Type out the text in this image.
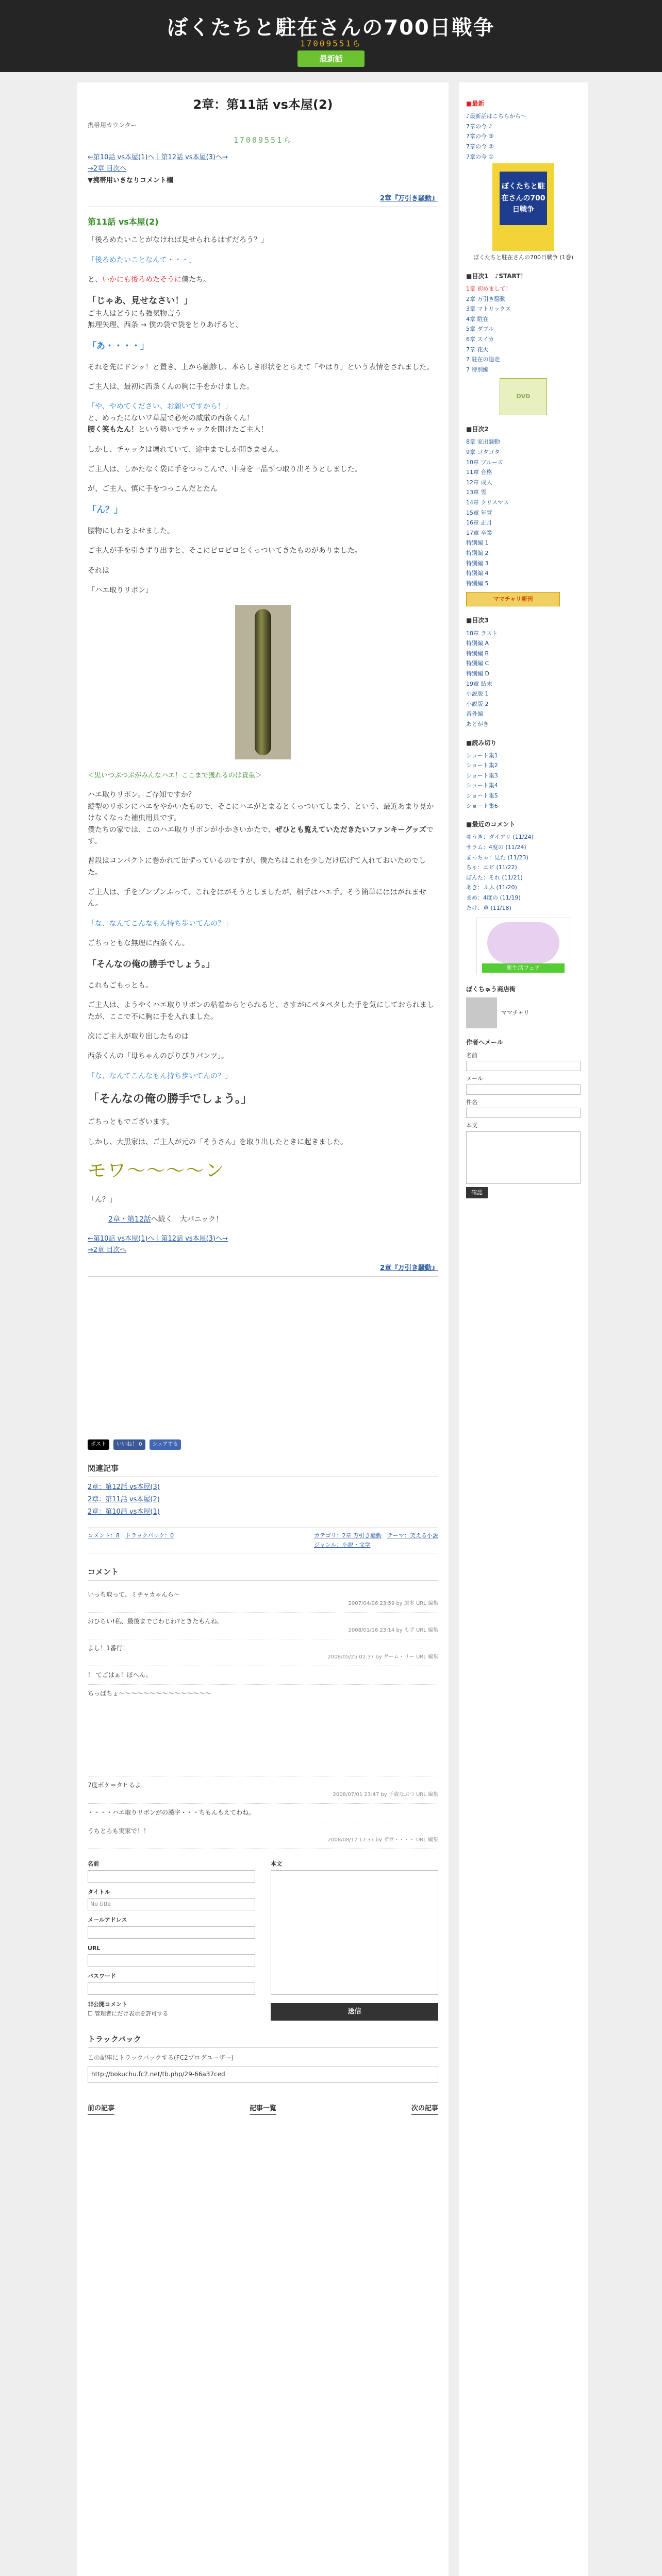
ぼくたちと駐在さんの700日戦争
17009551ら
最新話
2章：第11話 vs本屋(2)
携帯用カウンター
17009551ら
←第10話 vs本屋(1)へ｜第12話 vs本屋(3)へ→
→2章 目次へ
▼携帯用いきなりコメント欄
2章『万引き騒動』
第11話 vs本屋(2)

「後ろめたいことがなければ見せられるはずだろう？」

「後ろめたいことなんて・・・」

と、いかにも後ろめたそうに僕たち。

「じゃあ、見せなさい！」
ご主人はどうにも強気物言う
無理矢理、西条 → 僕の袋で袋をとりあげると、

「あ・・・・」

それを先にドンッ！と置き、上から触診し、本らしき形状をとらえて「やはり」という表情をされました。

ご主人は、最初に西条くんの胸に手をかけました。

「や、やめてください、お願いですから！」
と、めったにないワ草屋で必死の威厳の西条くん！
腰く笑もたん！という勢いでチャックを開けたご主人！

しかし、チャックは壊れていて、途中までしか開きません。

ご主人は、しかたなく袋に手をつっこんで、中身を一品ずつ取り出そうとしました。

が、ご主人、慎に手をつっこんだとたん

「ん？」

腰物にしわをよせました。

ご主人が手を引きずり出すと、そこにビロビロとくっついてきたものがありました。

それは

「ハエ取りリボン」

＜黒いつぶつぶがみんなハエ！ここまで獲れるのは貴重＞

ハエ取りリボン。ご存知ですか？
縦型のリボンにハエをやかいたもので、そこにハエがとまるとくっついてしまう、という、最近あまり見かけなくなった補虫用具です。
僕たちの家では、このハエ取りリボンが小かさいかたで、ぜひとも覧えていただきたいファンキーグッズです。

普段はコンパクトに巻かれて缶ずっているのですが、僕たちはこれを少しだけ広げて入れておいたのでした。

ご主人は、手をプンプンふって、これをはがそうとしましたが、相手はハエ手。そう簡単にははがれません。

「な、なんてこんなもん持ち歩いてんの？」

ごちっともな無理に西条くん。

「そんなの俺の勝手でしょう。」

これもごもっとも。

ご主人は、ようやくハエ取りリボンの粘着からとられると、さすがにペタペタした手を気にしておられましたが、ここで不に胸に手を入れました。

次にご主人が取り出したものは

西条くんの「母ちゃんのびりびりパンツ」。

「な、なんてこんなもん持ち歩いてんの？」

「そんなの俺の勝手でしょう。」

ごちっともでございます。

しかし、大黒家は、ご主人が元の「そうさん」を取り出したときに起きました。

モワ〜〜〜〜ン

「ん？」

2章・第12話へ続く　大パニック！

←第10話 vs本屋(1)へ｜第12話 vs本屋(3)へ→
→2章 目次へ
2章『万引き騒動』
ポスト	いいね！ 0	シェアする
関連記事
2章：第12話 vs本屋(3)
2章：第11話 vs本屋(2)
2章：第10話 vs本屋(1)
コメント：8　 トラックバック：0	カテゴリ：2章 万引き騒動　 テーマ：笑える小説
ジャンル：小説・文学
コメント
いっち取って、ミチャカゃんら〜
2007/04/06 23:59 by 旅本 URL 編集
おひらい!私、最後までじわじわ?ときたもんね。
2008/01/16 23:14 by もず URL 編集
よし！1番行！
2008/05/25 02:37 by ゲーム・リー URL 編集
！ てごはぁ！ぽへん。
ちっぱちょ〜〜〜〜〜〜〜〜〜〜〜〜〜〜〜
7度ボケ＝タヒるよ
2008/07/01 23:47 by 千歳なぶつ URL 編集
・・・・ハエ取りリボンがの漢字・・・ちもんもえてわね。
うちとらも実家で！！
2008/08/17 17:37 by ザガ・・・・ URL 編集
名前
タイトル
No title
メールアドレス
URL
パスワード
非公開コメント
☐ 管理者にだけ表示を許可する
本文
送信
トラックバック
この記事にトラックバックする(FC2ブログユーザー)
http://bokuchu.fc2.net/tb.php/29-66a37ced
前の記事	記事一覧	次の記事
■最新
♪最新話はこちらから〜
7章の今 ♪
7章の今 ③
7章の今 ②
7章の今 ①
ぼくたちと駐在さんの700日戦争
ぼくたちと駐在さんの700日戦争 (1巻)
■目次1　♪START！
1章 初めまして！
2章 万引き騒動
3章 マトリックス
4章 駐在
5章 ダブル
6章 スイカ
7章 花火
7 駐在の追走
7 特別編
DVD
■目次2
8章 家出騒動
9章 ゴタゴタ
10章 ブルーズ
11章 合格
12章 成人
13章 雪
14章 クリスマス
15章 年賀
16章 正月
17章 卒業
特別編 1
特別編 2
特別編 3
特別編 4
特別編 5
ママチャリ新刊
■目次3
18章 ラスト
特別編 A
特別編 B
特別編 C
特別編 D
19章 結末
小説版 1
小説版 2
番外編
あとがき
■読み切り
ショート集1
ショート集2
ショート集3
ショート集4
ショート集5
ショート集6
■最近のコメント
ゆうき：ダイアリ (11/24)
サラム：4度の (11/24)
まっちゃ：見た (11/23)
ちゃ：エビ (11/22)
ぽんた：それ (11/21)
あき：ふふ (11/20)
まめ：4度の (11/19)
たけ：草 (11/18)
新生活フェア
ぼくちゅう商店街
ママチャリ
作者へメール
名前
メール
件名
本文
確認
